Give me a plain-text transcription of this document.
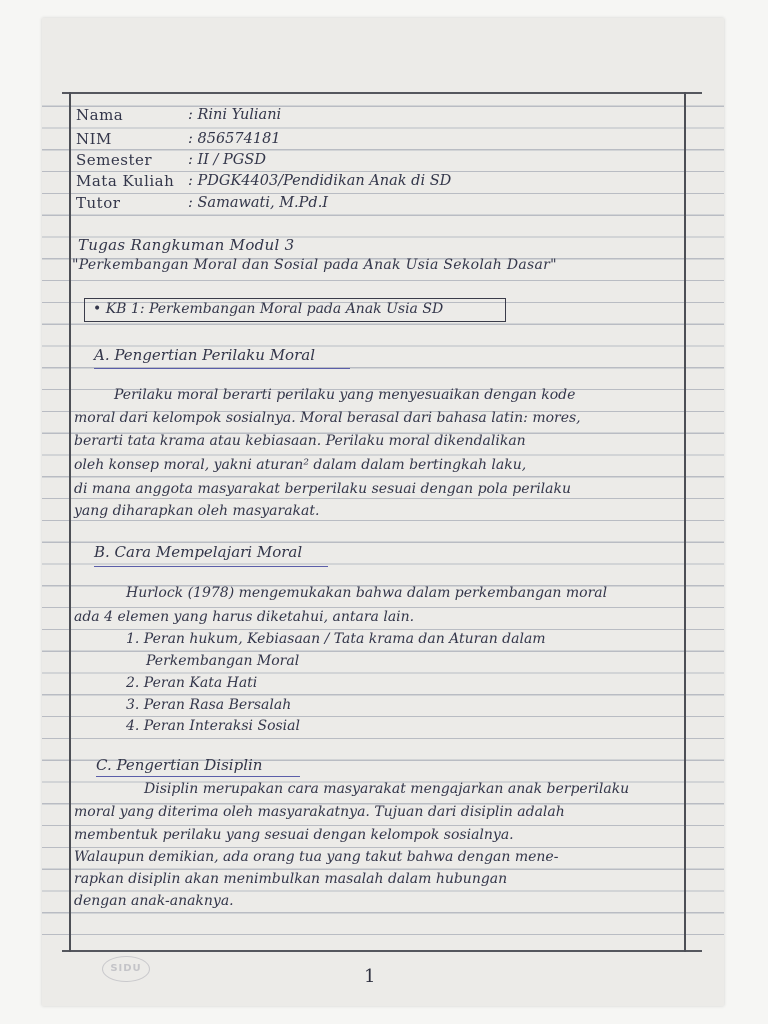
Nama	: Rini Yuliani
NIM	: 856574181
Semester : II / PGSD
Mata Kuliah : PDGK4403/Pendidikan Anak di SD
Tutor	: Samawati, M.Pd.I
Tugas Rangkuman Modul 3
"Perkembangan Moral dan Sosial pada Anak Usia Sekolah Dasar"
• KB 1: Perkembangan Moral pada Anak Usia SD
A. Pengertian Perilaku Moral
Perilaku moral berarti perilaku yang menyesuaikan dengan kode
moral dari kelompok sosialnya. Moral berasal dari bahasa latin: mores,
berarti tata krama atau kebiasaan. Perilaku moral dikendalikan
oleh konsep moral, yakni aturan² dalam dalam bertingkah laku,
di mana anggota masyarakat berperilaku sesuai dengan pola perilaku
yang diharapkan oleh masyarakat.
B. Cara Mempelajari Moral
Hurlock (1978) mengemukakan bahwa dalam perkembangan moral
ada 4 elemen yang harus diketahui, antara lain.
1. Peran hukum, Kebiasaan / Tata krama dan Aturan dalam
Perkembangan Moral
2. Peran Kata Hati
3. Peran Rasa Bersalah
4. Peran Interaksi Sosial
C. Pengertian Disiplin
Disiplin merupakan cara masyarakat mengajarkan anak berperilaku
moral yang diterima oleh masyarakatnya. Tujuan dari disiplin adalah
membentuk perilaku yang sesuai dengan kelompok sosialnya.
Walaupun demikian, ada orang tua yang takut bahwa dengan mene-
rapkan disiplin akan menimbulkan masalah dalam hubungan
dengan anak-anaknya.
SIDU	1
